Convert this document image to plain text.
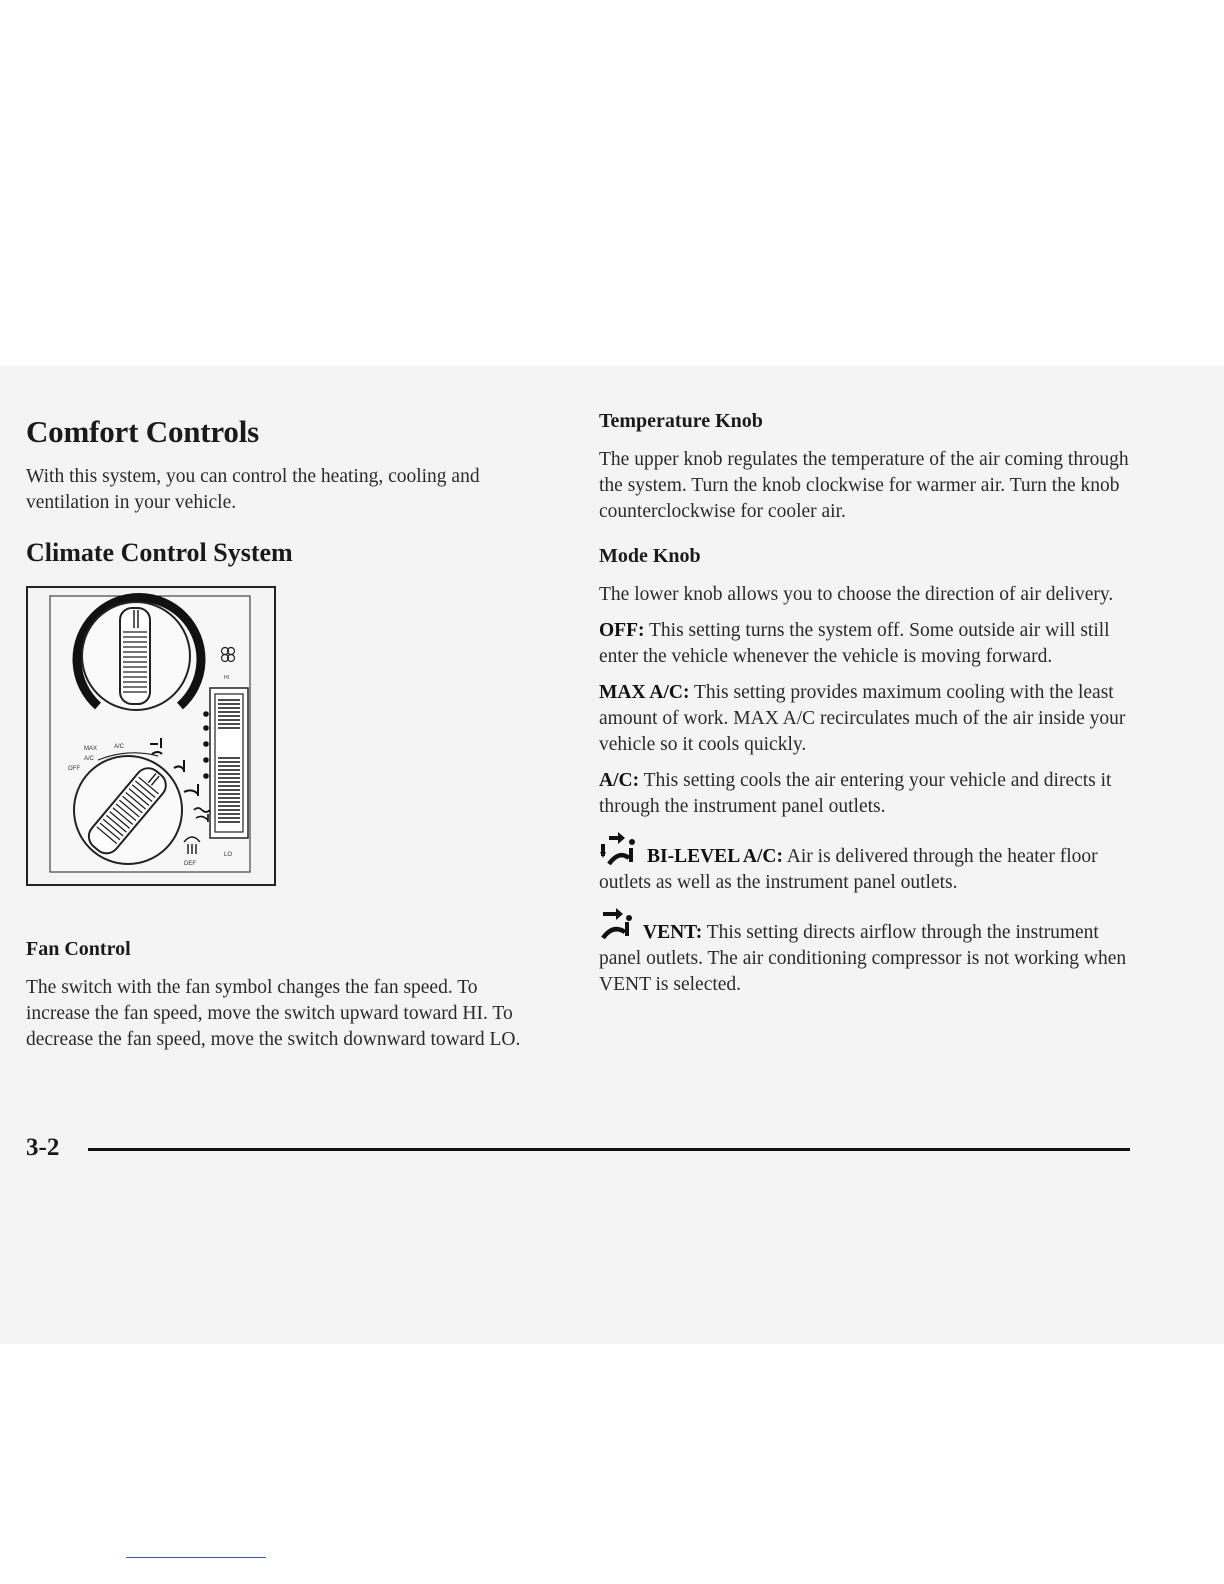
Comfort Controls

With this system, you can control the heating, cooling and ventilation in your vehicle.

Climate Control System
HI
LO
MAX
A/C
A/C
OFF
DEF
Fan Control

The switch with the fan symbol changes the fan speed. To increase the fan speed, move the switch upward toward HI. To decrease the fan speed, move the switch downward toward LO.

Temperature Knob

The upper knob regulates the temperature of the air coming through the system. Turn the knob clockwise for warmer air. Turn the knob counterclockwise for cooler air.

Mode Knob

The lower knob allows you to choose the direction of air delivery.

OFF: This setting turns the system off. Some outside air will still enter the vehicle whenever the vehicle is moving forward.

MAX A/C: This setting provides maximum cooling with the least amount of work. MAX A/C recirculates much of the air inside your vehicle so it cools quickly.

A/C: This setting cools the air entering your vehicle and directs it through the instrument panel outlets.

BI-LEVEL A/C: Air is delivered through the heater floor outlets as well as the instrument panel outlets.

VENT: This setting directs airflow through the instrument panel outlets. The air conditioning compressor is not working when VENT is selected.

3-2
